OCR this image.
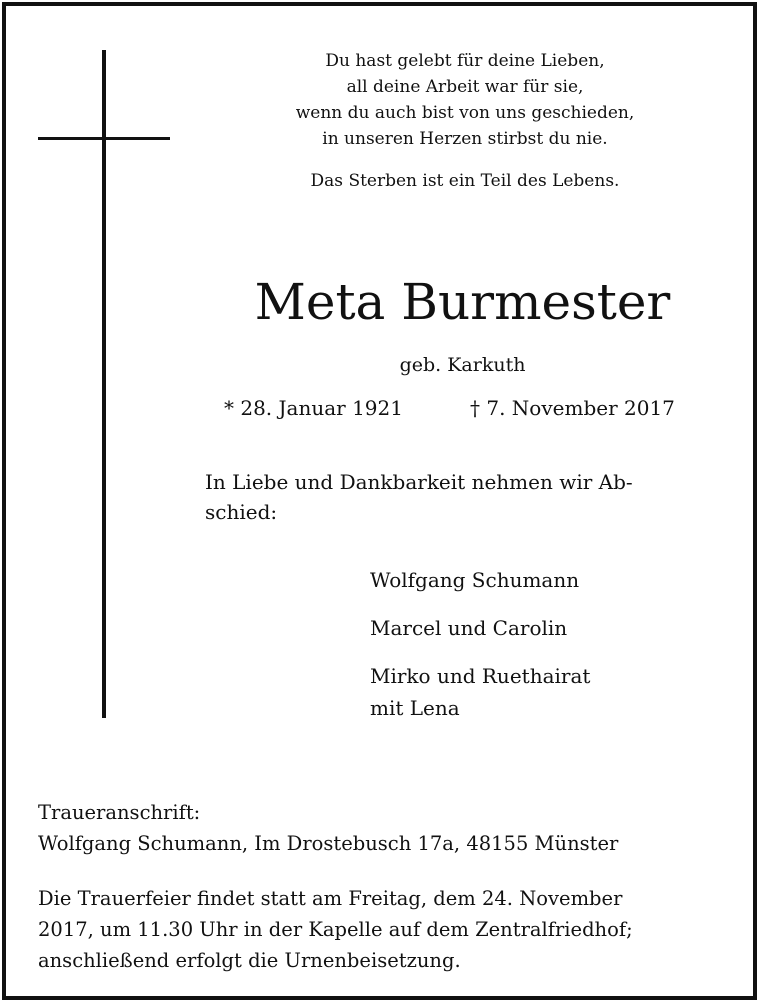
Du hast gelebt für deine Lieben,
all deine Arbeit war für sie,
wenn du auch bist von uns geschieden,
in unseren Herzen stirbst du nie.
Das Sterben ist ein Teil des Lebens.
Meta Burmester
geb. Karkuth
* 28. Januar 1921	† 7. November 2017
In Liebe und Dankbarkeit nehmen wir Ab-
schied:
Wolfgang Schumann
Marcel und Carolin
Mirko und Ruethairat
mit Lena
Traueranschrift:
Wolfgang Schumann, Im Drostebusch 17a, 48155 Münster
Die Trauerfeier findet statt am Freitag, dem 24. November
2017, um 11.30 Uhr in der Kapelle auf dem Zentralfriedhof;
anschließend erfolgt die Urnenbeisetzung.
